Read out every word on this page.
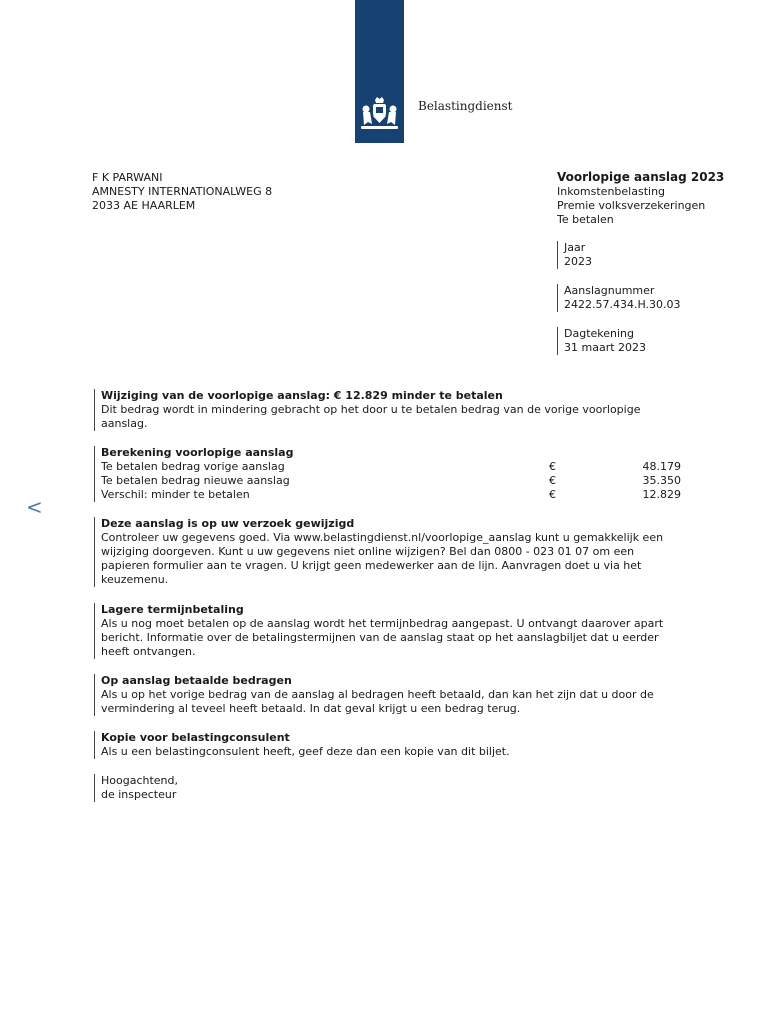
Belastingdienst
F K PARWANI
AMNESTY INTERNATIONALWEG 8
2033 AE HAARLEM
Voorlopige aanslag 2023
Inkomstenbelasting
Premie volksverzekeringen
Te betalen
Jaar
2023
Aanslagnummer
2422.57.434.H.30.03
Dagtekening
31 maart 2023
Wijziging van de voorlopige aanslag: € 12.829 minder te betalen

Dit bedrag wordt in mindering gebracht op het door u te betalen bedrag van de vorige voorlopige aanslag.

Berekening voorlopige aanslag
Te betalen bedrag vorige aanslag	€	48.179
Te betalen bedrag nieuwe aanslag	€	35.350
Verschil: minder te betalen	€	12.829
Deze aanslag is op uw verzoek gewijzigd

Controleer uw gegevens goed. Via www.belastingdienst.nl/voorlopige_aanslag kunt u gemakkelijk een wijziging doorgeven. Kunt u uw gegevens niet online wijzigen? Bel dan 0800 - 023 01 07 om een papieren formulier aan te vragen. U krijgt geen medewerker aan de lijn. Aanvragen doet u via het keuzemenu.

Lagere termijnbetaling

Als u nog moet betalen op de aanslag wordt het termijnbedrag aangepast. U ontvangt daarover apart bericht. Informatie over de betalingstermijnen van de aanslag staat op het aanslagbiljet dat u eerder heeft ontvangen.

Op aanslag betaalde bedragen

Als u op het vorige bedrag van de aanslag al bedragen heeft betaald, dan kan het zijn dat u door de vermindering al teveel heeft betaald. In dat geval krijgt u een bedrag terug.

Kopie voor belastingconsulent

Als u een belastingconsulent heeft, geef deze dan een kopie van dit biljet.

Hoogachtend,
de inspecteur
<
